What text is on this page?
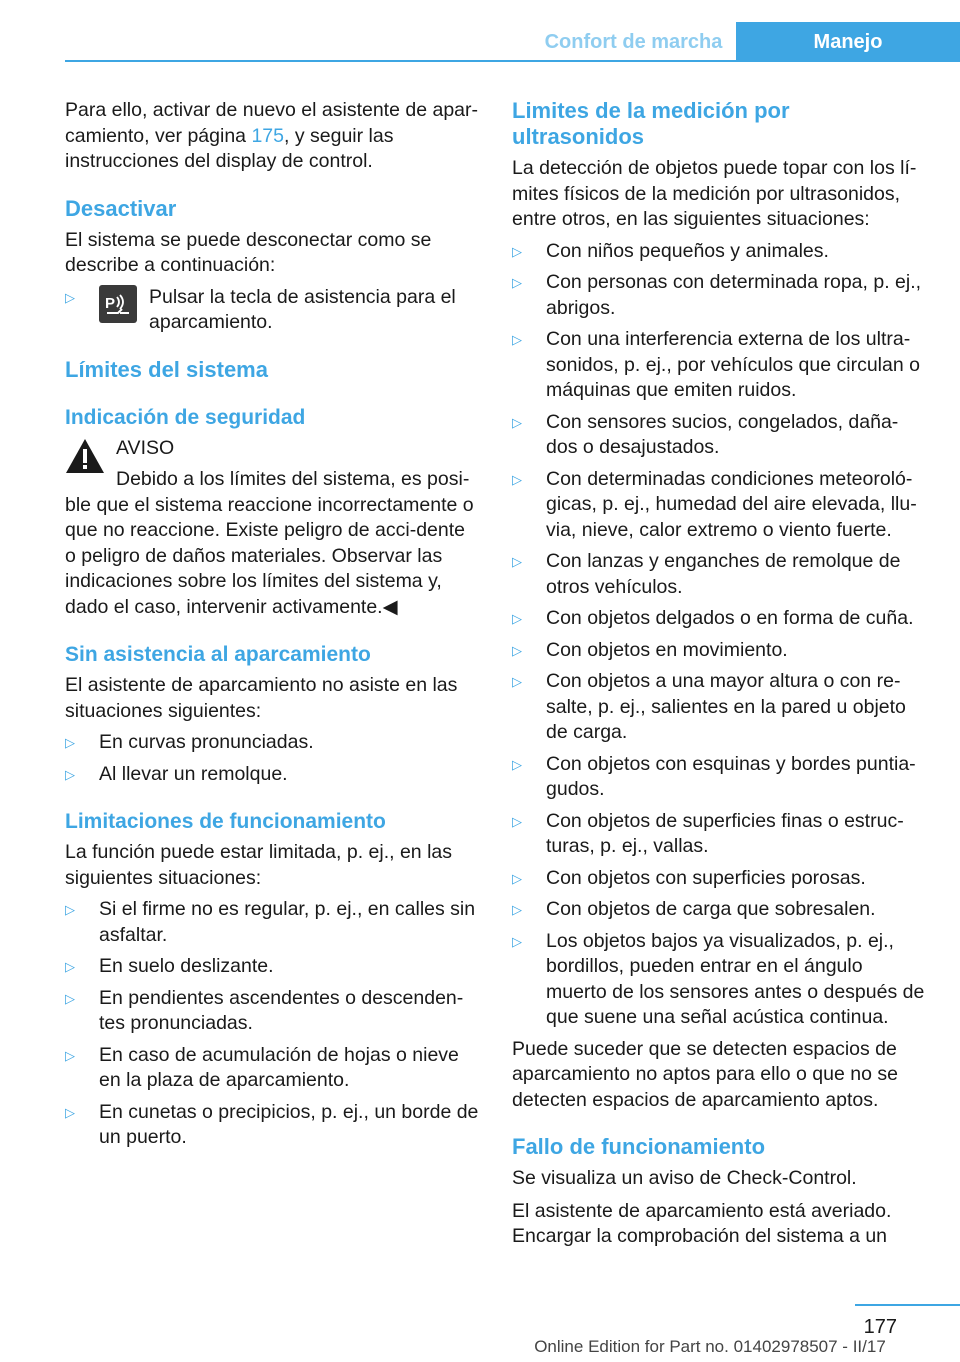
Confort de marcha	Manejo

Para ello, activar de nuevo el asistente de apar-camiento, ver página 175, y seguir las instrucciones del display de control.

Desactivar

El sistema se puede desconectar como se describe a continuación:

▷ P Pulsar la tecla de asistencia para el aparcamiento.
Límites del sistema
Indicación de seguridad
AVISO
Debido a los límites del sistema, es posi-ble que el sistema reaccione incorrectamente o que no reaccione. Existe peligro de acci-dente o peligro de daños materiales. Observar las indicaciones sobre los límites del sistema y, dado el caso, intervenir activamente.◀
Sin asistencia al aparcamiento

El asistente de aparcamiento no asiste en las situaciones siguientes:

▷ En curvas pronunciadas.
▷ Al llevar un remolque.
Limitaciones de funcionamiento

La función puede estar limitada, p. ej., en las siguientes situaciones:

▷ Si el firme no es regular, p. ej., en calles sin asfaltar.
▷ En suelo deslizante.
▷ En pendientes ascendentes o descenden-tes pronunciadas.
▷ En caso de acumulación de hojas o nieve en la plaza de aparcamiento.
▷ En cunetas o precipicios, p. ej., un borde de un puerto.
Limites de la medición por ultrasonidos

La detección de objetos puede topar con los lí-mites físicos de la medición por ultrasonidos, entre otros, en las siguientes situaciones:

▷ Con niños pequeños y animales.
▷ Con personas con determinada ropa, p. ej., abrigos.
▷ Con una interferencia externa de los ultra-sonidos, p. ej., por vehículos que circulan o máquinas que emiten ruidos.
▷ Con sensores sucios, congelados, daña-dos o desajustados.
▷ Con determinadas condiciones meteoroló-gicas, p. ej., humedad del aire elevada, llu-via, nieve, calor extremo o viento fuerte.
▷ Con lanzas y enganches de remolque de otros vehículos.
▷ Con objetos delgados o en forma de cuña.
▷ Con objetos en movimiento.
▷ Con objetos a una mayor altura o con re-salte, p. ej., salientes en la pared u objeto de carga.
▷ Con objetos con esquinas y bordes puntia-gudos.
▷ Con objetos de superficies finas o estruc-turas, p. ej., vallas.
▷ Con objetos con superficies porosas.
▷ Con objetos de carga que sobresalen.
▷ Los objetos bajos ya visualizados, p. ej., bordillos, pueden entrar en el ángulo muerto de los sensores antes o después de que suene una señal acústica continua.

Puede suceder que se detecten espacios de aparcamiento no aptos para ello o que no se detecten espacios de aparcamiento aptos.

Fallo de funcionamiento

Se visualiza un aviso de Check-Control.

El asistente de aparcamiento está averiado. Encargar la comprobación del sistema a un

177
Online Edition for Part no. 01402978507 - II/17
